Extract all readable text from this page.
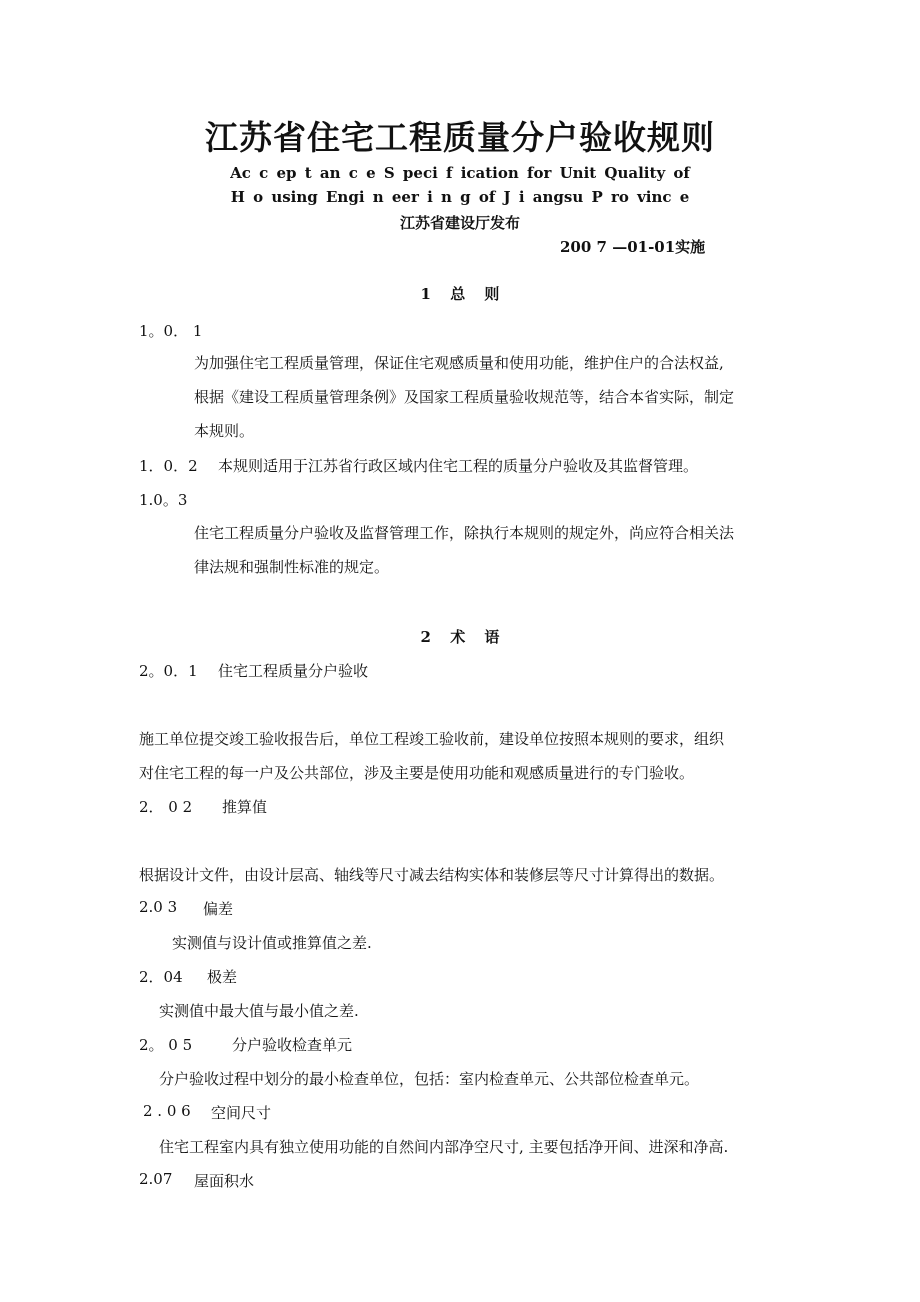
江苏省住宅工程质量分户验收规则
Ac c ep t an c e S peci f ication for Unit Quality of
H o using Engi n eer i n g of J i angsu P ro vinc e
江苏省建设厅发布
200 7 —01-01实施
1 总 则
1。0． 1
为加强住宅工程质量管理，保证住宅观感质量和使用功能，维护住户的合法权益,
根据《建设工程质量管理条例》及国家工程质量验收规范等，结合本省实际，制定
本规则。
1．0．2 本规则适用于江苏省行政区域内住宅工程的质量分户验收及其监督管理。
1.0。3
住宅工程质量分户验收及监督管理工作，除执行本规则的规定外，尚应符合相关法
律法规和强制性标准的规定。
2 术 语
2。0．1 住宅工程质量分户验收
施工单位提交竣工验收报告后，单位工程竣工验收前，建设单位按照本规则的要求，组织
对住宅工程的每一户及公共部位，涉及主要是使用功能和观感质量进行的专门验收。
2． 0 2 推算值
根据设计文件，由设计层高、轴线等尺寸减去结构实体和装修层等尺寸计算得出的数据。
2.0 3 偏差
实测值与设计值或推算值之差.
2．04 极差
实测值中最大值与最小值之差.
2。 0 5	分户验收检查单元
分户验收过程中划分的最小检查单位，包括：室内检查单元、公共部位检查单元。
2 . 0 6 空间尺寸
住宅工程室内具有独立使用功能的自然间内部净空尺寸, 主要包括净开间、进深和净高.
2.07 屋面积水
